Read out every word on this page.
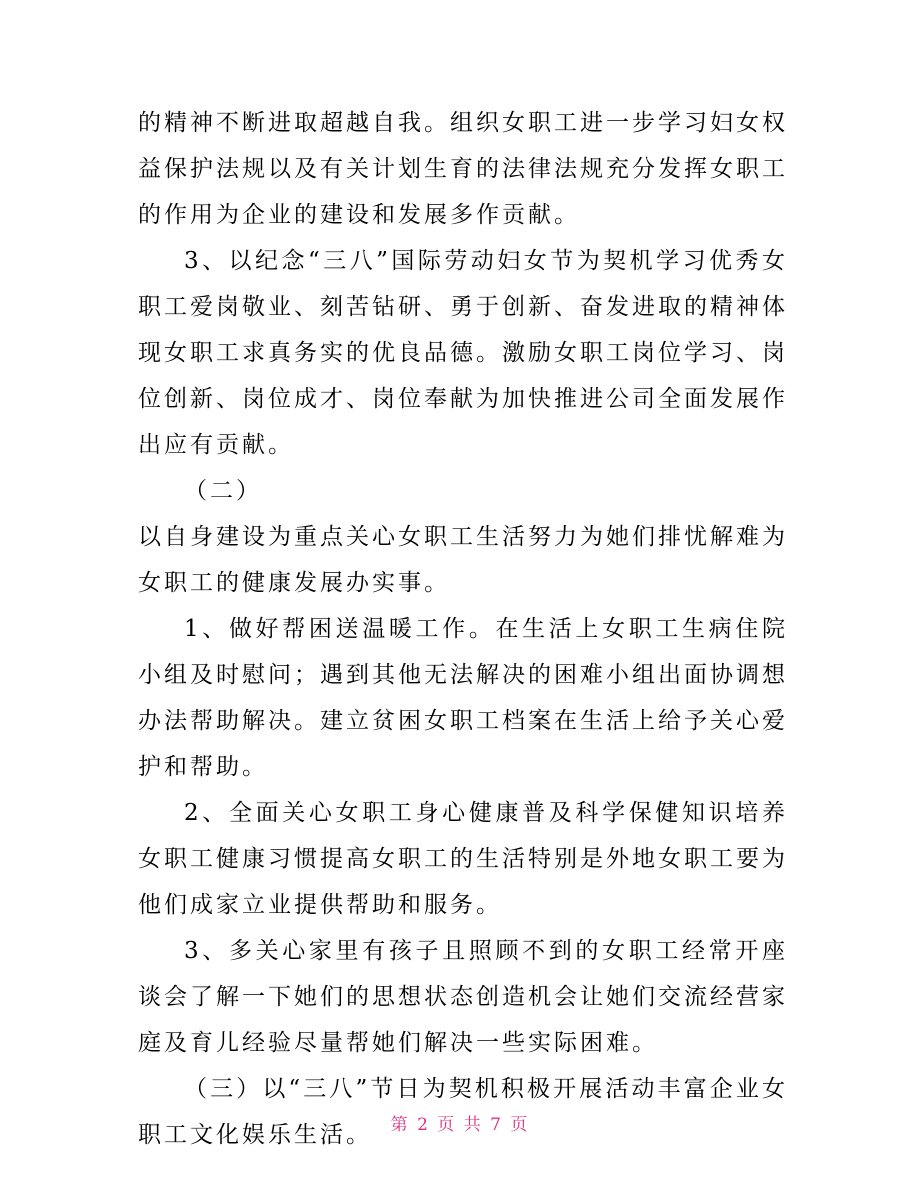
的精神不断进取超越自我。组织女职工进一步学习妇女权益保护法规以及有关计划生育的法律法规充分发挥女职工的作用为企业的建设和发展多作贡献。

3、以纪念“三八”国际劳动妇女节为契机学习优秀女职工爱岗敬业、刻苦钻研、勇于创新、奋发进取的精神体现女职工求真务实的优良品德。激励女职工岗位学习、岗位创新、岗位成才、岗位奉献为加快推进公司全面发展作出应有贡献。

（二）

以自身建设为重点关心女职工生活努力为她们排忧解难为女职工的健康发展办实事。

1、做好帮困送温暖工作。在生活上女职工生病住院小组及时慰问；遇到其他无法解决的困难小组出面协调想办法帮助解决。建立贫困女职工档案在生活上给予关心爱护和帮助。

2、全面关心女职工身心健康普及科学保健知识培养女职工健康习惯提高女职工的生活特别是外地女职工要为他们成家立业提供帮助和服务。

3、多关心家里有孩子且照顾不到的女职工经常开座谈会了解一下她们的思想状态创造机会让她们交流经营家庭及育儿经验尽量帮她们解决一些实际困难。

（三）以“三八”节日为契机积极开展活动丰富企业女职工文化娱乐生活。	第 2 页 共 7 页
